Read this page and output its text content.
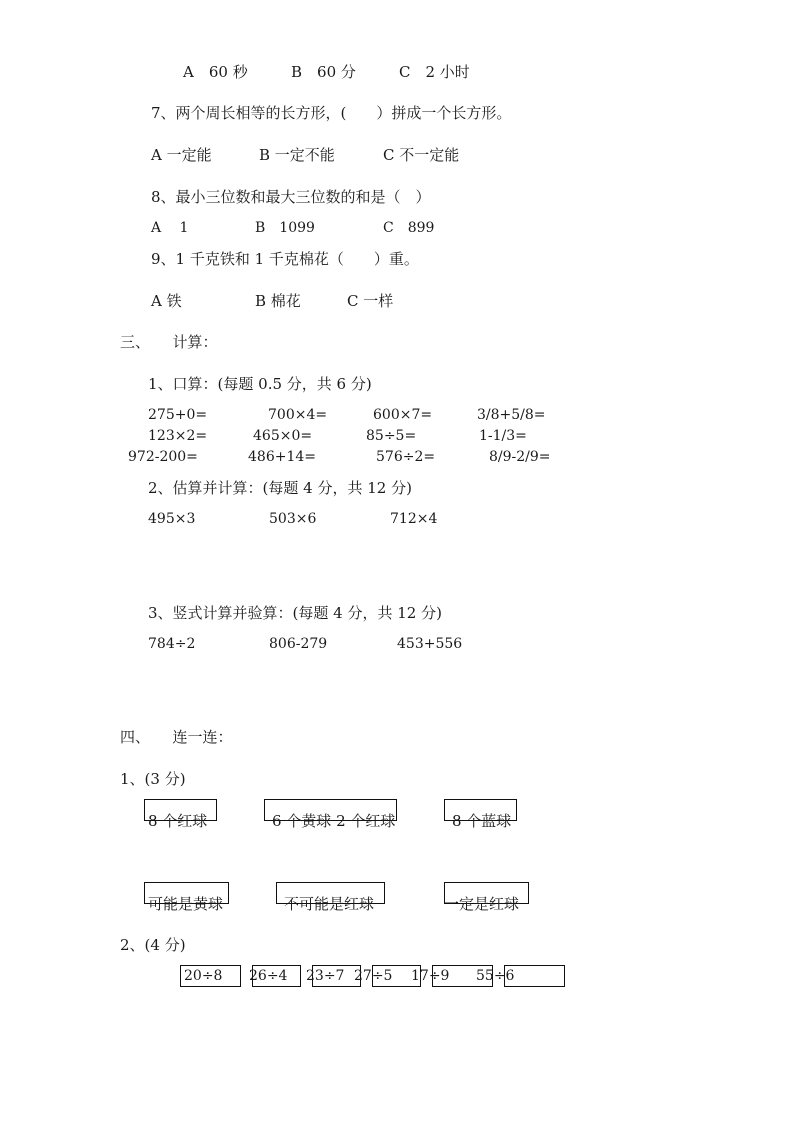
A　60 秒	B　60 分	C　2 小时
7、两个周长相等的长方形，(　　）拼成一个长方形。
A 一定能	B 一定不能	C 不一定能
8、最小三位数和最大三位数的和是（　）
A　 1	B　1099	C　899
9、1 千克铁和 1 千克棉花（　　）重。
A 铁	B 棉花	C 一样
三、　　计算：
1、口算：(每题 0.5 分，共 6 分)
275+0=	700×4=	600×7=	3/8+5/8=
123×2=	465×0=	85÷5=	1-1/3=
972-200=	486+14=	576÷2=	8/9-2/9=
2、估算并计算：(每题 4 分，共 12 分)
495×3	503×6	712×4
3、竖式计算并验算：(每题 4 分，共 12 分)
784÷2	806-279	453+556
四、　　连一连：
1、(3 分)
8 个红球	6 个黄球 2 个红球	8 个蓝球
可能是黄球	不可能是红球	一定是红球
2、(4 分)
20÷8 26÷4 23÷7 27÷5 17÷9 55÷6
